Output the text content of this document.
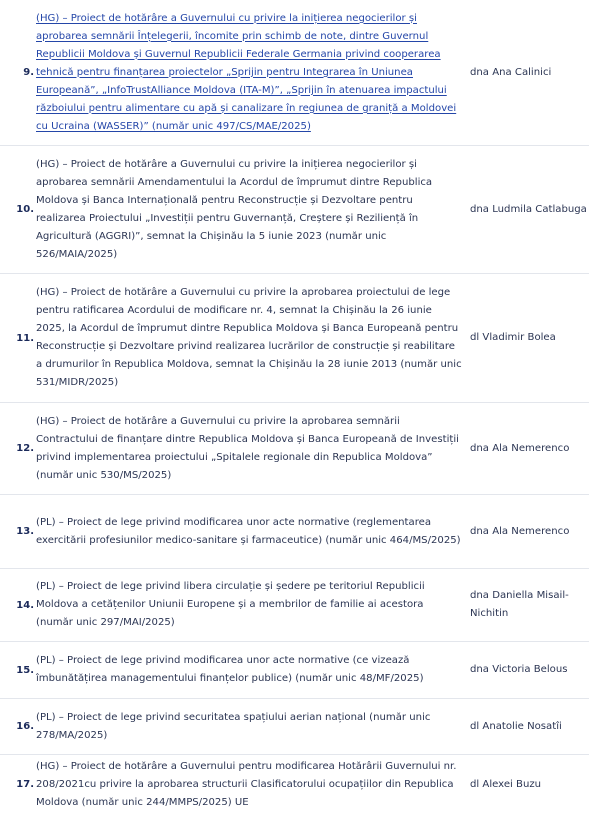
9.
(HG) – Proiect de hotărâre a Guvernului cu privire la inițierea negocierilor și aprobarea semnării Înțelegerii, încomite prin schimb de note, dintre Guvernul Republicii Moldova și Guvernul Republicii Federale Germania privind cooperarea tehnică pentru finanțarea proiectelor „Sprijin pentru Integrarea în Uniunea Europeană”, „InfoTrustAlliance Moldova (ITA-M)”, „Sprijin în atenuarea impactului războiului pentru alimentare cu apă și canalizare în regiunea de graniță a Moldovei cu Ucraina (WASSER)” (număr unic 497/CS/MAE/2025)
dna Ana Calinici
10.
(HG) – Proiect de hotărâre a Guvernului cu privire la inițierea negocierilor și aprobarea semnării Amendamentului la Acordul de împrumut dintre Republica Moldova și Banca Internațională pentru Reconstrucție și Dezvoltare pentru realizarea Proiectului „Investiții pentru Guvernanță, Creștere și Reziliență în Agricultură (AGGRI)”, semnat la Chișinău la 5 iunie 2023 (număr unic 526/MAIA/2025)
dna Ludmila Catlabuga
11.
(HG) – Proiect de hotărâre a Guvernului cu privire la aprobarea proiectului de lege pentru ratificarea Acordului de modificare nr. 4, semnat la Chișinău la 26 iunie 2025, la Acordul de împrumut dintre Republica Moldova și Banca Europeană pentru Reconstrucție și Dezvoltare privind realizarea lucrărilor de construcție și reabilitare a drumurilor în Republica Moldova, semnat la Chișinău la 28 iunie 2013 (număr unic 531/MIDR/2025)
dl Vladimir Bolea
12.
(HG) – Proiect de hotărâre a Guvernului cu privire la aprobarea semnării Contractului de finanțare dintre Republica Moldova și Banca Europeană de Investiții privind implementarea proiectului „Spitalele regionale din Republica Moldova” (număr unic 530/MS/2025)
dna Ala Nemerenco
13.
(PL) – Proiect de lege privind modificarea unor acte normative (reglementarea exercitării profesiunilor medico-sanitare și farmaceutice) (număr unic 464/MS/2025)
dna Ala Nemerenco
14.
(PL) – Proiect de lege privind libera circulație și ședere pe teritoriul Republicii Moldova a cetățenilor Uniunii Europene și a membrilor de familie ai acestora (număr unic 297/MAI/2025)
dna Daniella Misail-Nichitin
15.
(PL) – Proiect de lege privind modificarea unor acte normative (ce vizează îmbunătățirea managementului finanțelor publice) (număr unic 48/MF/2025)
dna Victoria Belous
16.
(PL) – Proiect de lege privind securitatea spațiului aerian național (număr unic 278/MA/2025)
dl Anatolie Nosatîi
17.
(HG) – Proiect de hotărâre a Guvernului pentru modificarea Hotărârii Guvernului nr. 208/2021cu privire la aprobarea structurii Clasificatorului ocupațiilor din Republica Moldova (număr unic 244/MMPS/2025) UE
dl Alexei Buzu
